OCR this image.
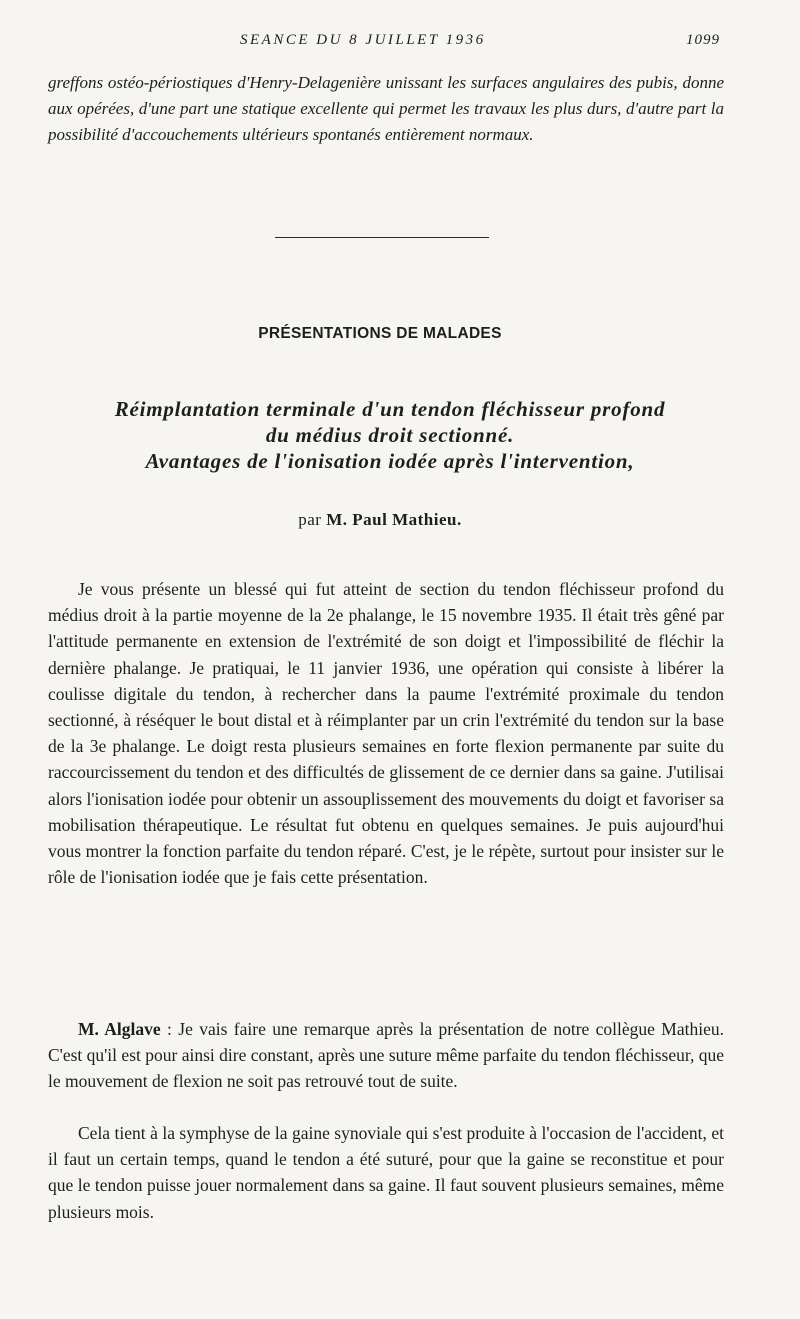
SEANCE DU 8 JUILLET 1936	1099

greffons ostéo-périostiques d'Henry-Delagenière unissant les surfaces angulaires des pubis, donne aux opérées, d'une part une statique excellente qui permet les travaux les plus durs, d'autre part la possibilité d'accouchements ultérieurs spontanés entièrement normaux.

PRÉSENTATIONS DE MALADES
Réimplantation terminale d'un tendon fléchisseur profond
du médius droit sectionné.
Avantages de l'ionisation iodée après l'intervention,
par M. Paul Mathieu.

Je vous présente un blessé qui fut atteint de section du tendon fléchisseur profond du médius droit à la partie moyenne de la 2e phalange, le 15 novembre 1935. Il était très gêné par l'attitude permanente en extension de l'extrémité de son doigt et l'impossibilité de fléchir la dernière phalange. Je pratiquai, le 11 janvier 1936, une opération qui consiste à libérer la coulisse digitale du tendon, à rechercher dans la paume l'extrémité proximale du tendon sectionné, à réséquer le bout distal et à réimplanter par un crin l'extrémité du tendon sur la base de la 3e phalange. Le doigt resta plusieurs semaines en forte flexion permanente par suite du raccourcissement du tendon et des difficultés de glissement de ce dernier dans sa gaine. J'utilisai alors l'ionisation iodée pour obtenir un assouplissement des mouvements du doigt et favoriser sa mobilisation thérapeutique. Le résultat fut obtenu en quelques semaines. Je puis aujourd'hui vous montrer la fonction parfaite du tendon réparé. C'est, je le répète, surtout pour insister sur le rôle de l'ionisation iodée que je fais cette présentation.

M. Alglave : Je vais faire une remarque après la présentation de notre collègue Mathieu. C'est qu'il est pour ainsi dire constant, après une suture même parfaite du tendon fléchisseur, que le mouvement de flexion ne soit pas retrouvé tout de suite.

Cela tient à la symphyse de la gaine synoviale qui s'est produite à l'occasion de l'accident, et il faut un certain temps, quand le tendon a été suturé, pour que la gaine se reconstitue et pour que le tendon puisse jouer normalement dans sa gaine. Il faut souvent plusieurs semaines, même plusieurs mois.
